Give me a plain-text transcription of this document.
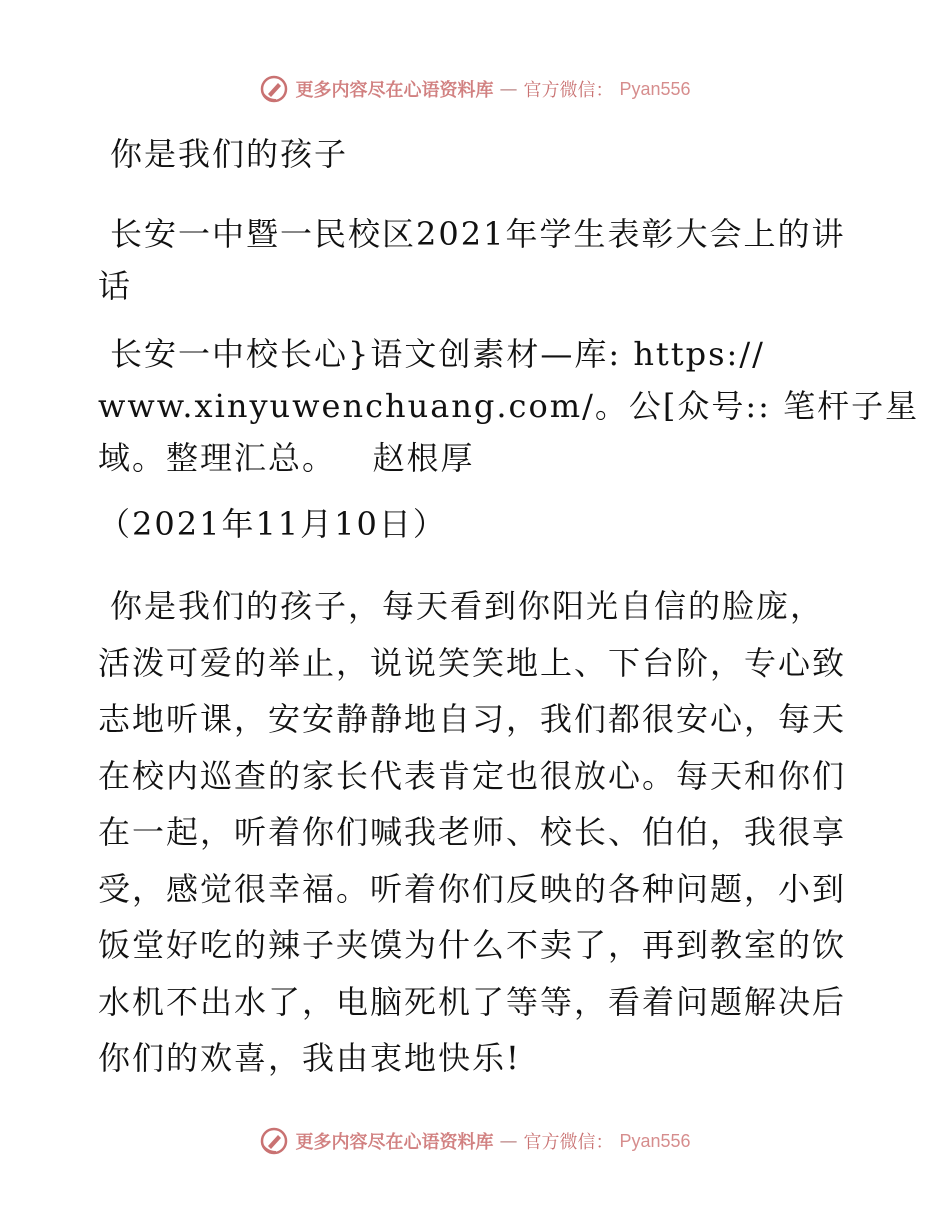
更多内容尽在心语资料库 — 官方微信： Pyan556
你是我们的孩子
长安一中暨一民校区2021年学生表彰大会上的讲
话
长安一中校长心}语文创素材—库: https://
www.xinyuwenchuang.com/。公[众号:: 笔杆子星
域。整理汇总。   赵根厚
（2021年11月10日）
你是我们的孩子，每天看到你阳光自信的脸庞，
活泼可爱的举止，说说笑笑地上、下台阶，专心致
志地听课，安安静静地自习，我们都很安心，每天
在校内巡查的家长代表肯定也很放心。每天和你们
在一起，听着你们喊我老师、校长、伯伯，我很享
受，感觉很幸福。听着你们反映的各种问题，小到
饭堂好吃的辣子夹馍为什么不卖了，再到教室的饮
水机不出水了，电脑死机了等等，看着问题解决后
你们的欢喜，我由衷地快乐!
更多内容尽在心语资料库 — 官方微信： Pyan556
